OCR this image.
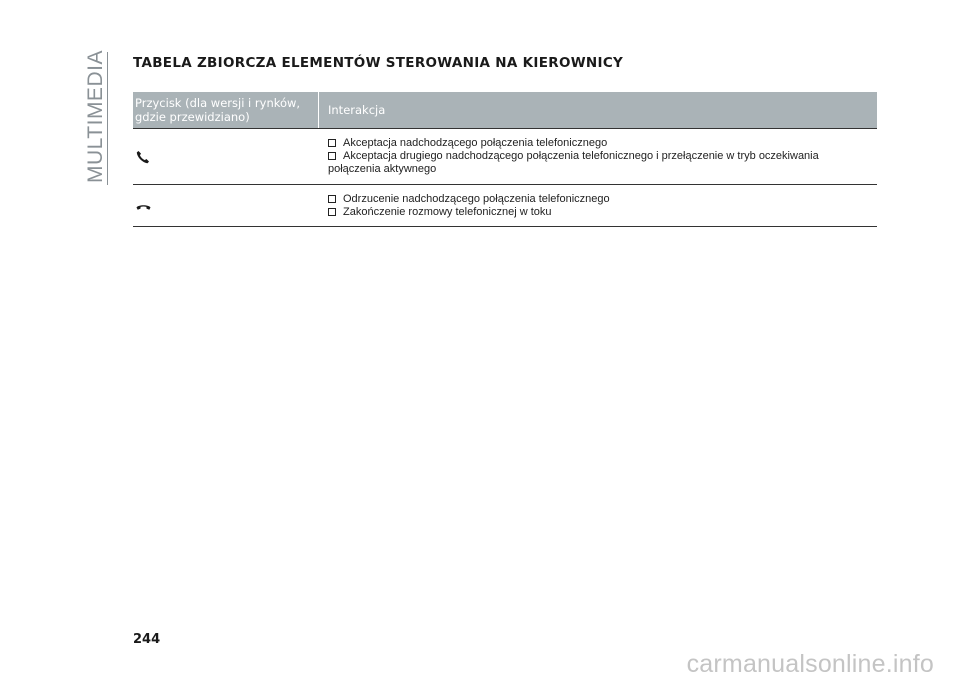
MULTIMEDIA TABELA ZBIORCZA ELEMENTÓW STEROWANIA NA KIEROWNICY
Przycisk (dla wersji i rynków,
gdzie przewidziano)	Interakcja
Akceptacja nadchodzącego połączenia telefonicznego
Akceptacja drugiego nadchodzącego połączenia telefonicznego i przełączenie w tryb oczekiwania
połączenia aktywnego
Odrzucenie nadchodzącego połączenia telefonicznego
Zakończenie rozmowy telefonicznej w toku
244
carmanualsonline.info
